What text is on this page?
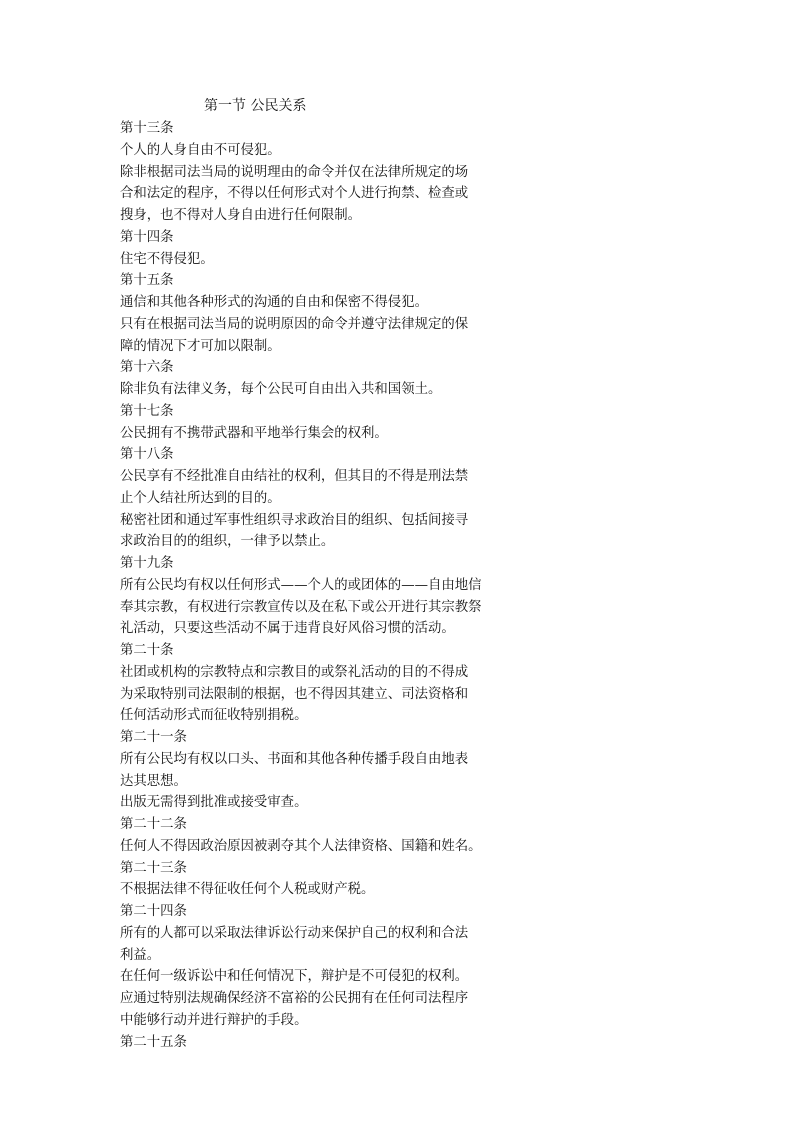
第一节 公民关系
第十三条
个人的人身自由不可侵犯。
除非根据司法当局的说明理由的命令并仅在法律所规定的场
合和法定的程序，不得以任何形式对个人进行拘禁、检查或
搜身，也不得对人身自由进行任何限制。
第十四条
住宅不得侵犯。
第十五条
通信和其他各种形式的沟通的自由和保密不得侵犯。
只有在根据司法当局的说明原因的命令并遵守法律规定的保
障的情况下才可加以限制。
第十六条
除非负有法律义务，每个公民可自由出入共和国领土。
第十七条
公民拥有不携带武器和平地举行集会的权利。
第十八条
公民享有不经批准自由结社的权利，但其目的不得是刑法禁
止个人结社所达到的目的。
秘密社团和通过军事性组织寻求政治目的组织、包括间接寻
求政治目的的组织，一律予以禁止。
第十九条
所有公民均有权以任何形式——个人的或团体的——自由地信
奉其宗教，有权进行宗教宣传以及在私下或公开进行其宗教祭
礼活动，只要这些活动不属于违背良好风俗习惯的活动。
第二十条
社团或机构的宗教特点和宗教目的或祭礼活动的目的不得成
为采取特别司法限制的根据，也不得因其建立、司法资格和
任何活动形式而征收特别捐税。
第二十一条
所有公民均有权以口头、书面和其他各种传播手段自由地表
达其思想。
出版无需得到批准或接受审查。
第二十二条
任何人不得因政治原因被剥夺其个人法律资格、国籍和姓名。
第二十三条
不根据法律不得征收任何个人税或财产税。
第二十四条
所有的人都可以采取法律诉讼行动来保护自己的权利和合法
利益。
在任何一级诉讼中和任何情况下，辩护是不可侵犯的权利。
应通过特别法规确保经济不富裕的公民拥有在任何司法程序
中能够行动并进行辩护的手段。
第二十五条
